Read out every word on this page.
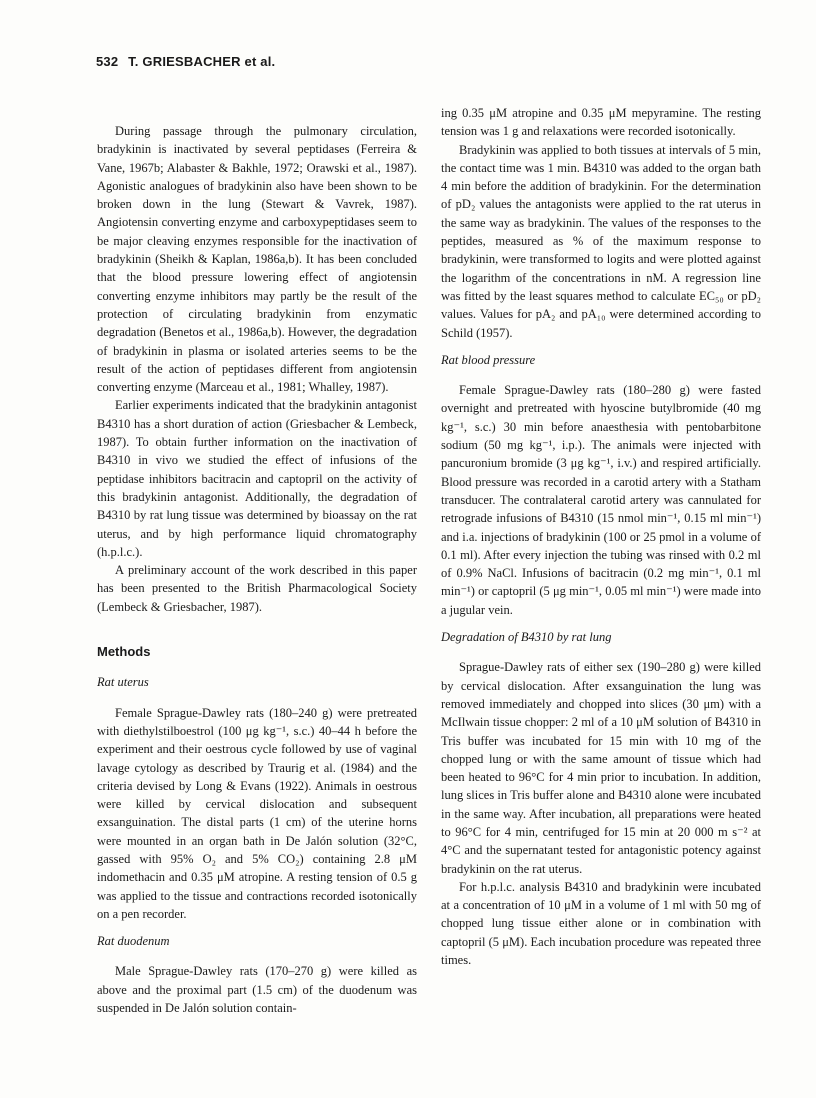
532 T. GRIESBACHER et al.

During passage through the pulmonary circulation, bradykinin is inactivated by several peptidases (Ferreira & Vane, 1967b; Alabaster & Bakhle, 1972; Orawski et al., 1987). Agonistic analogues of bradykinin also have been shown to be broken down in the lung (Stewart & Vavrek, 1987). Angiotensin converting enzyme and carboxypeptidases seem to be major cleaving enzymes responsible for the inactivation of bradykinin (Sheikh & Kaplan, 1986a,b). It has been concluded that the blood pressure lowering effect of angiotensin converting enzyme inhibitors may partly be the result of the protection of circulating bradykinin from enzymatic degradation (Benetos et al., 1986a,b). However, the degradation of bradykinin in plasma or isolated arteries seems to be the result of the action of peptidases different from angiotensin converting enzyme (Marceau et al., 1981; Whalley, 1987).

Earlier experiments indicated that the bradykinin antagonist B4310 has a short duration of action (Griesbacher & Lembeck, 1987). To obtain further information on the inactivation of B4310 in vivo we studied the effect of infusions of the peptidase inhibitors bacitracin and captopril on the activity of this bradykinin antagonist. Additionally, the degradation of B4310 by rat lung tissue was determined by bioassay on the rat uterus, and by high performance liquid chromatography (h.p.l.c.).

A preliminary account of the work described in this paper has been presented to the British Pharmacological Society (Lembeck & Griesbacher, 1987).

Methods
Rat uterus

Female Sprague-Dawley rats (180–240 g) were pretreated with diethylstilboestrol (100 μg kg⁻¹, s.c.) 40–44 h before the experiment and their oestrous cycle followed by use of vaginal lavage cytology as described by Traurig et al. (1984) and the criteria devised by Long & Evans (1922). Animals in oestrous were killed by cervical dislocation and subsequent exsanguination. The distal parts (1 cm) of the uterine horns were mounted in an organ bath in De Jalón solution (32°C, gassed with 95% O₂ and 5% CO₂) containing 2.8 μM indomethacin and 0.35 μM atropine. A resting tension of 0.5 g was applied to the tissue and contractions recorded isotonically on a pen recorder.

Rat duodenum

Male Sprague-Dawley rats (170–270 g) were killed as above and the proximal part (1.5 cm) of the duodenum was suspended in De Jalón solution contain-

ing 0.35 μM atropine and 0.35 μM mepyramine. The resting tension was 1 g and relaxations were recorded isotonically.

Bradykinin was applied to both tissues at intervals of 5 min, the contact time was 1 min. B4310 was added to the organ bath 4 min before the addition of bradykinin. For the determination of pD₂ values the antagonists were applied to the rat uterus in the same way as bradykinin. The values of the responses to the peptides, measured as % of the maximum response to bradykinin, were transformed to logits and were plotted against the logarithm of the concentrations in nM. A regression line was fitted by the least squares method to calculate EC₅₀ or pD₂ values. Values for pA₂ and pA₁₀ were determined according to Schild (1957).

Rat blood pressure

Female Sprague-Dawley rats (180–280 g) were fasted overnight and pretreated with hyoscine butylbromide (40 mg kg⁻¹, s.c.) 30 min before anaesthesia with pentobarbitone sodium (50 mg kg⁻¹, i.p.). The animals were injected with pancuronium bromide (3 μg kg⁻¹, i.v.) and respired artificially. Blood pressure was recorded in a carotid artery with a Statham transducer. The contralateral carotid artery was cannulated for retrograde infusions of B4310 (15 nmol min⁻¹, 0.15 ml min⁻¹) and i.a. injections of bradykinin (100 or 25 pmol in a volume of 0.1 ml). After every injection the tubing was rinsed with 0.2 ml of 0.9% NaCl. Infusions of bacitracin (0.2 mg min⁻¹, 0.1 ml min⁻¹) or captopril (5 μg min⁻¹, 0.05 ml min⁻¹) were made into a jugular vein.

Degradation of B4310 by rat lung

Sprague-Dawley rats of either sex (190–280 g) were killed by cervical dislocation. After exsanguination the lung was removed immediately and chopped into slices (30 μm) with a McIlwain tissue chopper: 2 ml of a 10 μM solution of B4310 in Tris buffer was incubated for 15 min with 10 mg of the chopped lung or with the same amount of tissue which had been heated to 96°C for 4 min prior to incubation. In addition, lung slices in Tris buffer alone and B4310 alone were incubated in the same way. After incubation, all preparations were heated to 96°C for 4 min, centrifuged for 15 min at 20 000 m s⁻² at 4°C and the supernatant tested for antagonistic potency against bradykinin on the rat uterus.

For h.p.l.c. analysis B4310 and bradykinin were incubated at a concentration of 10 μM in a volume of 1 ml with 50 mg of chopped lung tissue either alone or in combination with captopril (5 μM). Each incubation procedure was repeated three times.
